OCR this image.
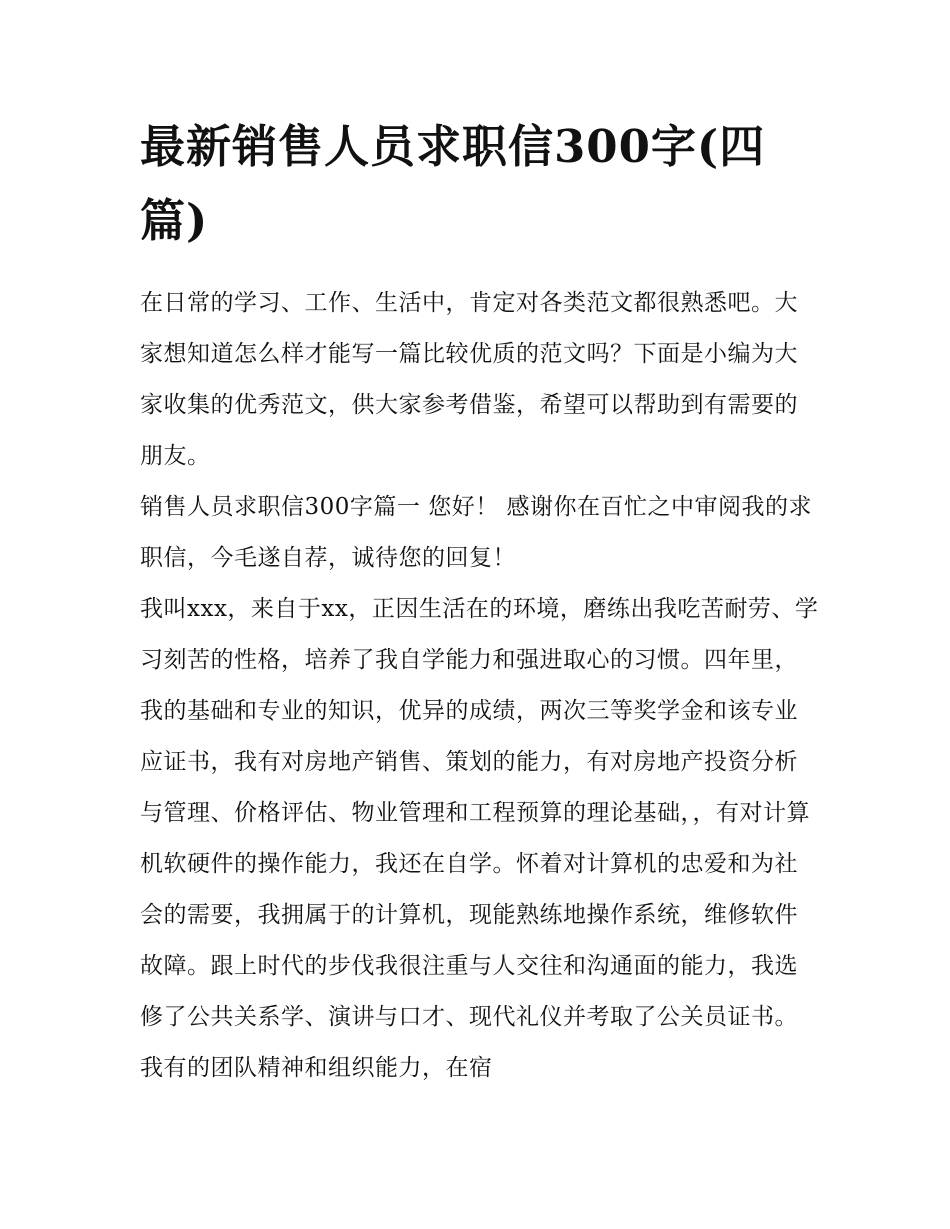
最新销售人员求职信300字(四篇)

在日常的学习、工作、生活中，肯定对各类范文都很熟悉吧。大家想知道怎么样才能写一篇比较优质的范文吗？下面是小编为大家收集的优秀范文，供大家参考借鉴，希望可以帮助到有需要的朋友。

销售人员求职信300字篇一 您好！ 感谢你在百忙之中审阅我的求职信，今毛遂自荐，诚待您的回复！

我叫xxx，来自于xx，正因生活在的环境，磨练出我吃苦耐劳、学习刻苦的性格，培养了我自学能力和强进取心的习惯。四年里，我的基础和专业的知识，优异的成绩，两次三等奖学金和该专业应证书，我有对房地产销售、策划的能力，有对房地产投资分析与管理、价格评估、物业管理和工程预算的理论基础，，有对计算机软硬件的操作能力，我还在自学。怀着对计算机的忠爱和为社会的需要，我拥属于的计算机，现能熟练地操作系统，维修软件故障。跟上时代的步伐我很注重与人交往和沟通面的能力，我选修了公共关系学、演讲与口才、现代礼仪并考取了公关员证书。我有的团队精神和组织能力，在宿
